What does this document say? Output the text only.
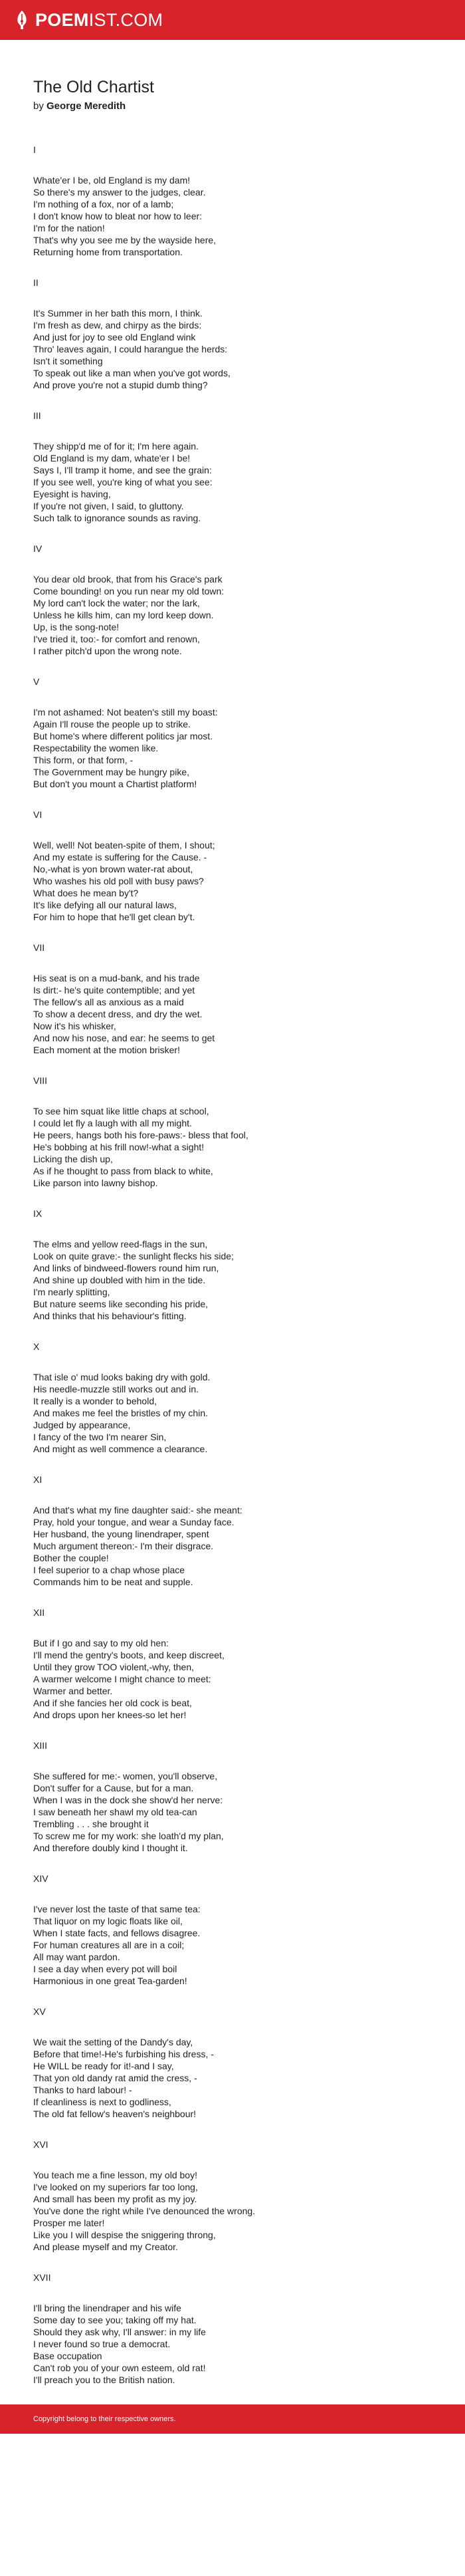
POEMIST.COM
The Old Chartist
by George Meredith
I
Whate'er I be, old England is my dam!
So there's my answer to the judges, clear.
I'm nothing of a fox, nor of a lamb;
I don't know how to bleat nor how to leer:
I'm for the nation!
That's why you see me by the wayside here,
Returning home from transportation.
II
It's Summer in her bath this morn, I think.
I'm fresh as dew, and chirpy as the birds:
And just for joy to see old England wink
Thro' leaves again, I could harangue the herds:
Isn't it something
To speak out like a man when you've got words,
And prove you're not a stupid dumb thing?
III
They shipp'd me of for it; I'm here again.
Old England is my dam, whate'er I be!
Says I, I'll tramp it home, and see the grain:
If you see well, you're king of what you see:
Eyesight is having,
If you're not given, I said, to gluttony.
Such talk to ignorance sounds as raving.
IV
You dear old brook, that from his Grace's park
Come bounding! on you run near my old town:
My lord can't lock the water; nor the lark,
Unless he kills him, can my lord keep down.
Up, is the song-note!
I've tried it, too:- for comfort and renown,
I rather pitch'd upon the wrong note.
V
I'm not ashamed: Not beaten's still my boast:
Again I'll rouse the people up to strike.
But home's where different politics jar most.
Respectability the women like.
This form, or that form, -
The Government may be hungry pike,
But don't you mount a Chartist platform!
VI
Well, well! Not beaten-spite of them, I shout;
And my estate is suffering for the Cause. -
No,-what is yon brown water-rat about,
Who washes his old poll with busy paws?
What does he mean by't?
It's like defying all our natural laws,
For him to hope that he'll get clean by't.
VII
His seat is on a mud-bank, and his trade
Is dirt:- he's quite contemptible; and yet
The fellow's all as anxious as a maid
To show a decent dress, and dry the wet.
Now it's his whisker,
And now his nose, and ear: he seems to get
Each moment at the motion brisker!
VIII
To see him squat like little chaps at school,
I could let fly a laugh with all my might.
He peers, hangs both his fore-paws:- bless that fool,
He's bobbing at his frill now!-what a sight!
Licking the dish up,
As if he thought to pass from black to white,
Like parson into lawny bishop.
IX
The elms and yellow reed-flags in the sun,
Look on quite grave:- the sunlight flecks his side;
And links of bindweed-flowers round him run,
And shine up doubled with him in the tide.
I'm nearly splitting,
But nature seems like seconding his pride,
And thinks that his behaviour's fitting.
X
That isle o' mud looks baking dry with gold.
His needle-muzzle still works out and in.
It really is a wonder to behold,
And makes me feel the bristles of my chin.
Judged by appearance,
I fancy of the two I'm nearer Sin,
And might as well commence a clearance.
XI
And that's what my fine daughter said:- she meant:
Pray, hold your tongue, and wear a Sunday face.
Her husband, the young linendraper, spent
Much argument thereon:- I'm their disgrace.
Bother the couple!
I feel superior to a chap whose place
Commands him to be neat and supple.
XII
But if I go and say to my old hen:
I'll mend the gentry's boots, and keep discreet,
Until they grow TOO violent,-why, then,
A warmer welcome I might chance to meet:
Warmer and better.
And if she fancies her old cock is beat,
And drops upon her knees-so let her!
XIII
She suffered for me:- women, you'll observe,
Don't suffer for a Cause, but for a man.
When I was in the dock she show'd her nerve:
I saw beneath her shawl my old tea-can
Trembling . . . she brought it
To screw me for my work: she loath'd my plan,
And therefore doubly kind I thought it.
XIV
I've never lost the taste of that same tea:
That liquor on my logic floats like oil,
When I state facts, and fellows disagree.
For human creatures all are in a coil;
All may want pardon.
I see a day when every pot will boil
Harmonious in one great Tea-garden!
XV
We wait the setting of the Dandy's day,
Before that time!-He's furbishing his dress, -
He WILL be ready for it!-and I say,
That yon old dandy rat amid the cress, -
Thanks to hard labour! -
If cleanliness is next to godliness,
The old fat fellow's heaven's neighbour!
XVI
You teach me a fine lesson, my old boy!
I've looked on my superiors far too long,
And small has been my profit as my joy.
You've done the right while I've denounced the wrong.
Prosper me later!
Like you I will despise the sniggering throng,
And please myself and my Creator.
XVII
I'll bring the linendraper and his wife
Some day to see you; taking off my hat.
Should they ask why, I'll answer: in my life
I never found so true a democrat.
Base occupation
Can't rob you of your own esteem, old rat!
I'll preach you to the British nation.
Copyright belong to their respective owners.
